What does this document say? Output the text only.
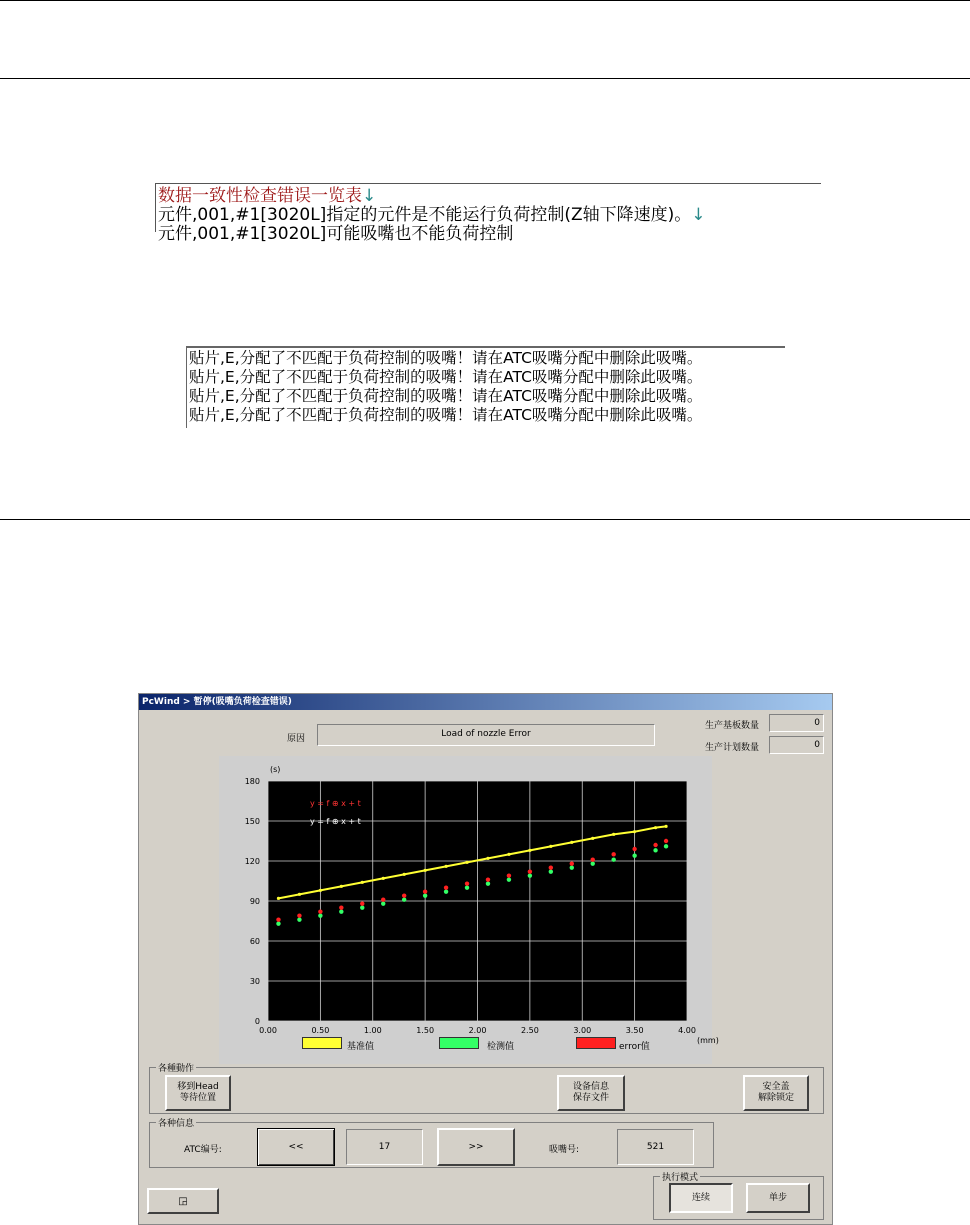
数据一致性检查错误一览表↓
元件,001,#1[3020L]指定的元件是不能运行负荷控制(Z轴下降速度)。↓
元件,001,#1[3020L]可能吸嘴也不能负荷控制
贴片,E,分配了不匹配于负荷控制的吸嘴！请在ATC吸嘴分配中删除此吸嘴。
贴片,E,分配了不匹配于负荷控制的吸嘴！请在ATC吸嘴分配中删除此吸嘴。
贴片,E,分配了不匹配于负荷控制的吸嘴！请在ATC吸嘴分配中删除此吸嘴。
贴片,E,分配了不匹配于负荷控制的吸嘴！请在ATC吸嘴分配中删除此吸嘴。
PcWind > 暂停(吸嘴负荷检查错误)
原因	Load of nozzle Error
生产基板数量	0
生产计划数量	0
0.00	0.50	1.00	1.50	2.00	2.50	3.00	3.50	4.00
0
30
60
90
120
150
180
(s)
(mm)
y = f ⊕ x + t
y = f ⊕ x + t
基准值	检测值	error值
各種動作
移到Head
等待位置
设备信息
保存文件
安全盖
解除锁定
各种信息
ATC编号:	<<	17	>>	吸嘴号:	521
执行模式
连续	单步
◲
